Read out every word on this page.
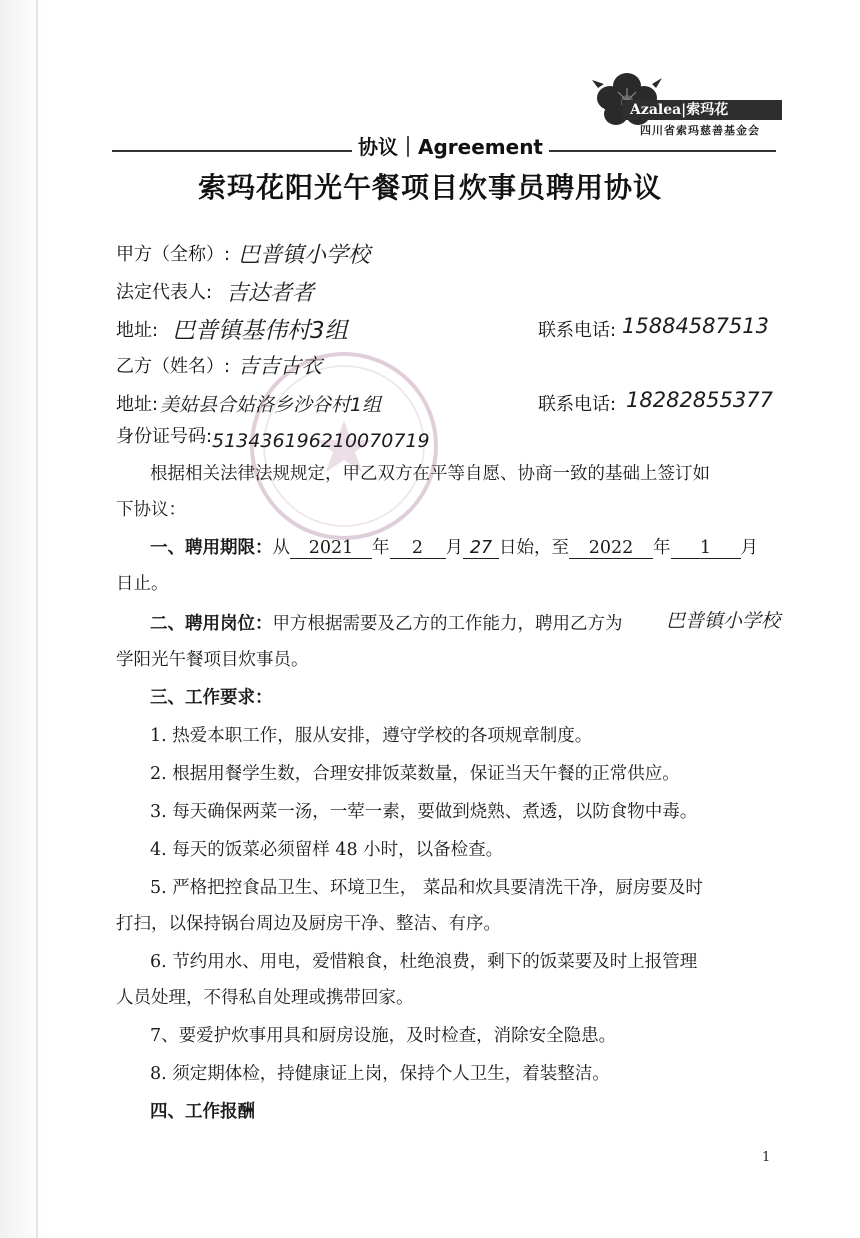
Azalea|索玛花
四川省索玛慈善基金会
协议｜Agreement
索玛花阳光午餐项目炊事员聘用协议
甲方（全称）: 巴普镇小学校
法定代表人: 吉达者者
地址: 巴普镇基伟村3组	联系电话: 15884587513
乙方（姓名）: 吉吉古衣
地址: 美姑县合姑洛乡沙谷村1组	联系电话: 18282855377
身份证号码: 513436196210070719
根据相关法律法规规定，甲乙双方在平等自愿、协商一致的基础上签订如
下协议：
一、聘用期限：从 2021 年 2 月 27 日始，至 2022 年 1 月
日止。
二、聘用岗位：甲方根据需要及乙方的工作能力，聘用乙方为 巴普镇小学校
学阳光午餐项目炊事员。
三、工作要求：
1. 热爱本职工作，服从安排，遵守学校的各项规章制度。
2. 根据用餐学生数，合理安排饭菜数量，保证当天午餐的正常供应。
3. 每天确保两菜一汤，一荤一素，要做到烧熟、煮透，以防食物中毒。
4. 每天的饭菜必须留样 48 小时，以备检查。
5. 严格把控食品卫生、环境卫生， 菜品和炊具要清洗干净，厨房要及时
打扫，以保持锅台周边及厨房干净、整洁、有序。
6. 节约用水、用电，爱惜粮食，杜绝浪费，剩下的饭菜要及时上报管理
人员处理，不得私自处理或携带回家。
7、要爱护炊事用具和厨房设施，及时检查，消除安全隐患。
8. 须定期体检，持健康证上岗，保持个人卫生，着装整洁。
四、工作报酬
1
